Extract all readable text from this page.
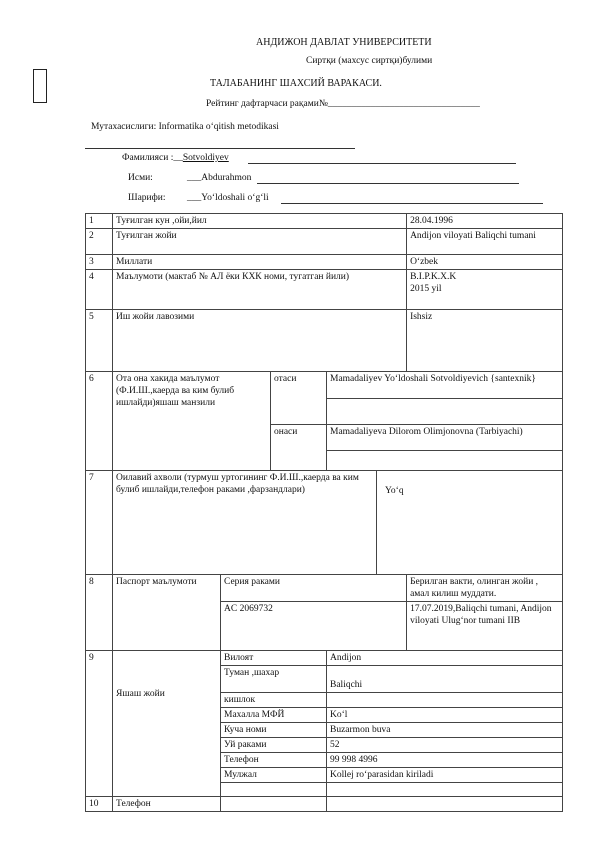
АНДИЖОН ДАВЛАТ УНИВЕРСИТЕТИ
Сиртқи (махсус сиртқи)булими
ТАЛАБАНИНГ ШАХСИЙ ВАРАКАСИ.
Рейтинг дафтарчаси рақами№________________________________
Мутахасислиги: Informatika o‘qitish metodikasi
Фамилияси :__Sotvoldiyev
Исми:	___Abdurahmon
Шарифи: ___Yo‘ldoshali o‘g‘li
1	Туғилган кун ,ойи,йил					28.04.1996
2	Туғилган жойи					Andijon viloyati Baliqchi tumani
3	Миллати					O‘zbek
4	Маълумоти (мактаб № АЛ ёки КХК номи, тугатган йили)					B.I.P.K.X.K
2015 yil

5	Иш жойи лавозими					Ishsiz
6	Ота она хакида маълумот (Ф.И.Ш.,каерда ва ким булиб ишлайди)яшаш манзили		отаси	Mamadaliyev Yo‘ldoshali Sotvoldiyevich {santexnik}		

			онаси	Mamadaliyeva Dilorom Olimjonovna (Tarbiyachi)		

7	Оилавий ахволи (турмуш уртогининг Ф.И.Ш.,каерда ва ким булиб ишлайди,телефон раками ,фарзандлари)				Yo‘q	
8	Паспорт маълумоти	Серия раками				Берилган вакти, олинган жойи , амал килиш муддати.
		AC 2069732				17.07.2019,Baliqchi tumani, Andijon viloyati Ulug‘nor tumani IIB
9	Яшаш жойи	Вилоят		Andijon		
		Туман ,шахар		Baliqchi		
		кишлок				
		Махалла МФЙ		Ko‘l		
		Куча номи		Buzarmon buva		
		Уй раками		52		
		Телефон		99 998 4996		
		Мулжал		Kollej ro‘parasidan kiriladi		

10	Телефон					
